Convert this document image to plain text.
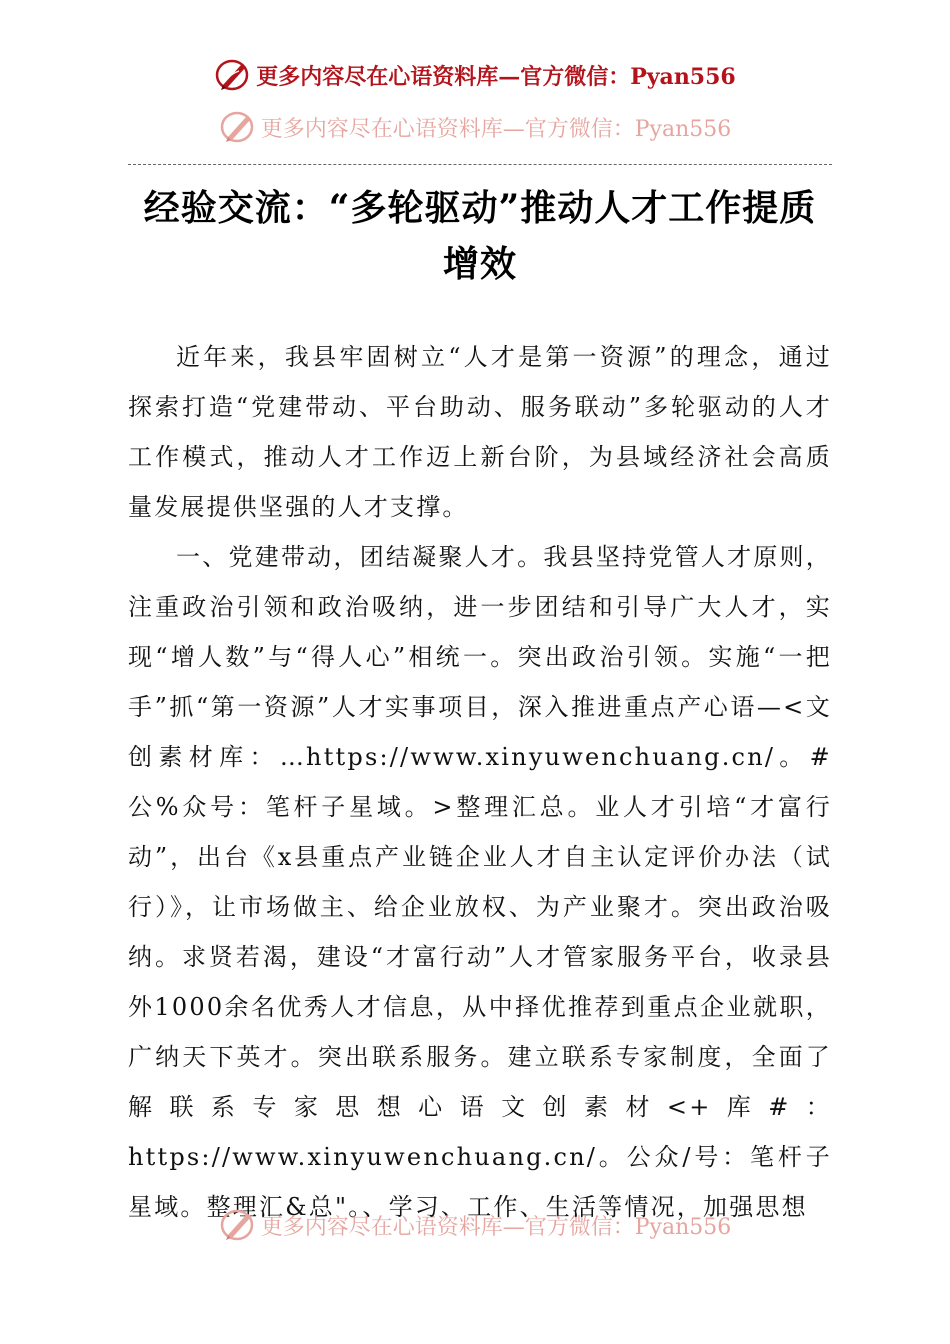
更多内容尽在心语资料库—官方微信：Pyan556
更多内容尽在心语资料库—官方微信：Pyan556
经验交流：“多轮驱动”推动人才工作提质增效

近年来，我县牢固树立“人才是第一资源”的理念，通过探索打造“党建带动、平台助动、服务联动”多轮驱动的人才工作模式，推动人才工作迈上新台阶，为县域经济社会高质量发展提供坚强的人才支撑。

一、党建带动，团结凝聚人才。我县坚持党管人才原则，注重政治引领和政治吸纳，进一步团结和引导广大人才，实现“增人数”与“得人心”相统一。突出政治引领。实施“一把手”抓“第一资源”人才实事项目，深入推进重点产心语—<文创素材库：…https://www.xinyuwenchuang.cn/。#公%众号：笔杆子星域。>整理汇总。业人才引培“才富行动”，出台《x县重点产业链企业人才自主认定评价办法（试行）》，让市场做主、给企业放权、为产业聚才。突出政治吸纳。求贤若渴，建设“才富行动”人才管家服务平台，收录县外1000余名优秀人才信息，从中择优推荐到重点企业就职，广纳天下英才。突出联系服务。建立联系专家制度，全面了解联系专家思想心语文创素材<+库#：https://www.xinyuwenchuang.cn/。公众/号：笔杆子星域。整理汇&总"。、学习、工作、生活等情况，加强思想

更多内容尽在心语资料库—官方微信：Pyan556
